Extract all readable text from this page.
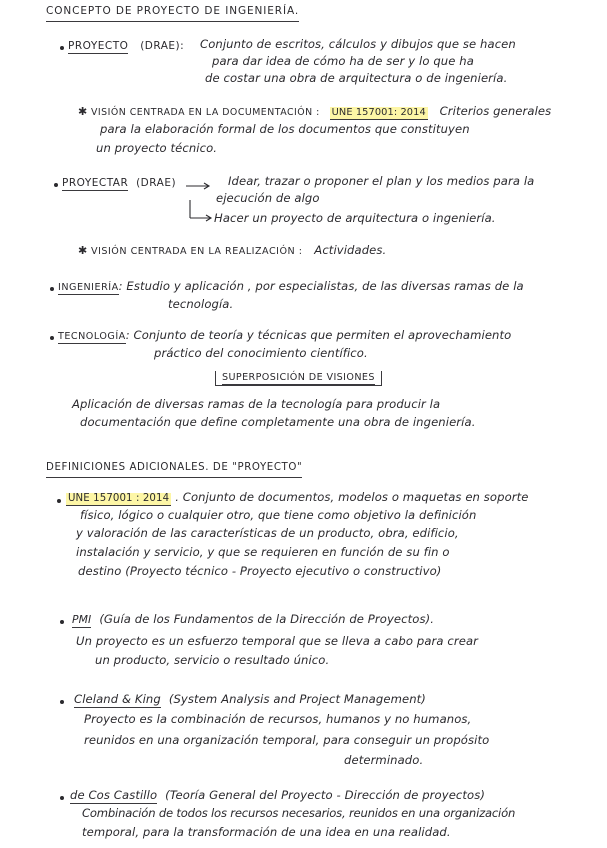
CONCEPTO DE PROYECTO DE INGENIERÍA.
PROYECTO (DRAE): Conjunto de escritos, cálculos y dibujos que se hacen
para dar idea de cómo ha de ser y lo que ha
de costar una obra de arquitectura o de ingeniería.
✱ VISIÓN CENTRADA EN LA DOCUMENTACIÓN : UNE 157001: 2014 Criterios generales
para la elaboración formal de los documentos que constituyen
un proyecto técnico.
PROYECTAR (DRAE)	Idear, trazar o proponer el plan y los medios para la
ejecución de algo
Hacer un proyecto de arquitectura o ingeniería.
✱ VISIÓN CENTRADA EN LA REALIZACIÓN : Actividades.
INGENIERÍA: Estudio y aplicación , por especialistas, de las diversas ramas de la
tecnología.
TECNOLOGÍA: Conjunto de teoría y técnicas que permiten el aprovechamiento
práctico del conocimiento científico.
SUPERPOSICIÓN DE VISIONES
Aplicación de diversas ramas de la tecnología para producir la
documentación que define completamente una obra de ingeniería.
DEFINICIONES ADICIONALES. DE "PROYECTO"
UNE 157001 : 2014 . Conjunto de documentos, modelos o maquetas en soporte
físico, lógico o cualquier otro, que tiene como objetivo la definición
y valoración de las características de un producto, obra, edificio,
instalación y servicio, y que se requieren en función de su fin o
destino (Proyecto técnico - Proyecto ejecutivo o constructivo)
PMI (Guía de los Fundamentos de la Dirección de Proyectos).
Un proyecto es un esfuerzo temporal que se lleva a cabo para crear
un producto, servicio o resultado único.
Cleland & King (System Analysis and Project Management)
Proyecto es la combinación de recursos, humanos y no humanos,
reunidos en una organización temporal, para conseguir un propósito
determinado.
de Cos Castillo (Teoría General del Proyecto - Dirección de proyectos)
Combinación de todos los recursos necesarios, reunidos en una organización
temporal, para la transformación de una idea en una realidad.
